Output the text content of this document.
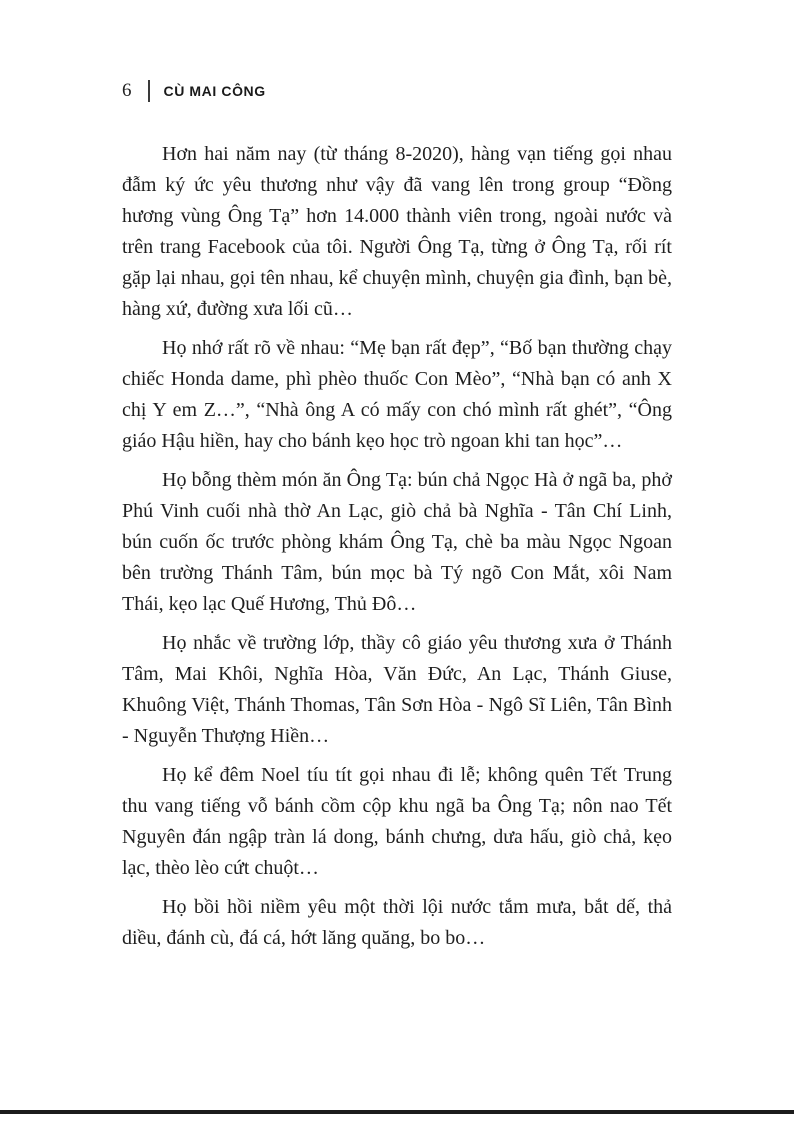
6 CÙ MAI CÔNG

Hơn hai năm nay (từ tháng 8-2020), hàng vạn tiếng gọi nhau đẫm ký ức yêu thương như vậy đã vang lên trong group “Đồng hương vùng Ông Tạ” hơn 14.000 thành viên trong, ngoài nước và trên trang Facebook của tôi. Người Ông Tạ, từng ở Ông Tạ, rối rít gặp lại nhau, gọi tên nhau, kể chuyện mình, chuyện gia đình, bạn bè, hàng xứ, đường xưa lối cũ…

Họ nhớ rất rõ về nhau: “Mẹ bạn rất đẹp”, “Bố bạn thường chạy chiếc Honda dame, phì phèo thuốc Con Mèo”, “Nhà bạn có anh X chị Y em Z…”, “Nhà ông A có mấy con chó mình rất ghét”, “Ông giáo Hậu hiền, hay cho bánh kẹo học trò ngoan khi tan học”…

Họ bỗng thèm món ăn Ông Tạ: bún chả Ngọc Hà ở ngã ba, phở Phú Vinh cuối nhà thờ An Lạc, giò chả bà Nghĩa - Tân Chí Linh, bún cuốn ốc trước phòng khám Ông Tạ, chè ba màu Ngọc Ngoan bên trường Thánh Tâm, bún mọc bà Tý ngõ Con Mắt, xôi Nam Thái, kẹo lạc Quế Hương, Thủ Đô…

Họ nhắc về trường lớp, thầy cô giáo yêu thương xưa ở Thánh Tâm, Mai Khôi, Nghĩa Hòa, Văn Đức, An Lạc, Thánh Giuse, Khuông Việt, Thánh Thomas, Tân Sơn Hòa - Ngô Sĩ Liên, Tân Bình - Nguyễn Thượng Hiền…

Họ kể đêm Noel tíu tít gọi nhau đi lễ; không quên Tết Trung thu vang tiếng vỗ bánh cồm cộp khu ngã ba Ông Tạ; nôn nao Tết Nguyên đán ngập tràn lá dong, bánh chưng, dưa hấu, giò chả, kẹo lạc, thèo lèo cứt chuột…

Họ bồi hồi niềm yêu một thời lội nước tắm mưa, bắt dế, thả diều, đánh cù, đá cá, hớt lăng quăng, bo bo…
